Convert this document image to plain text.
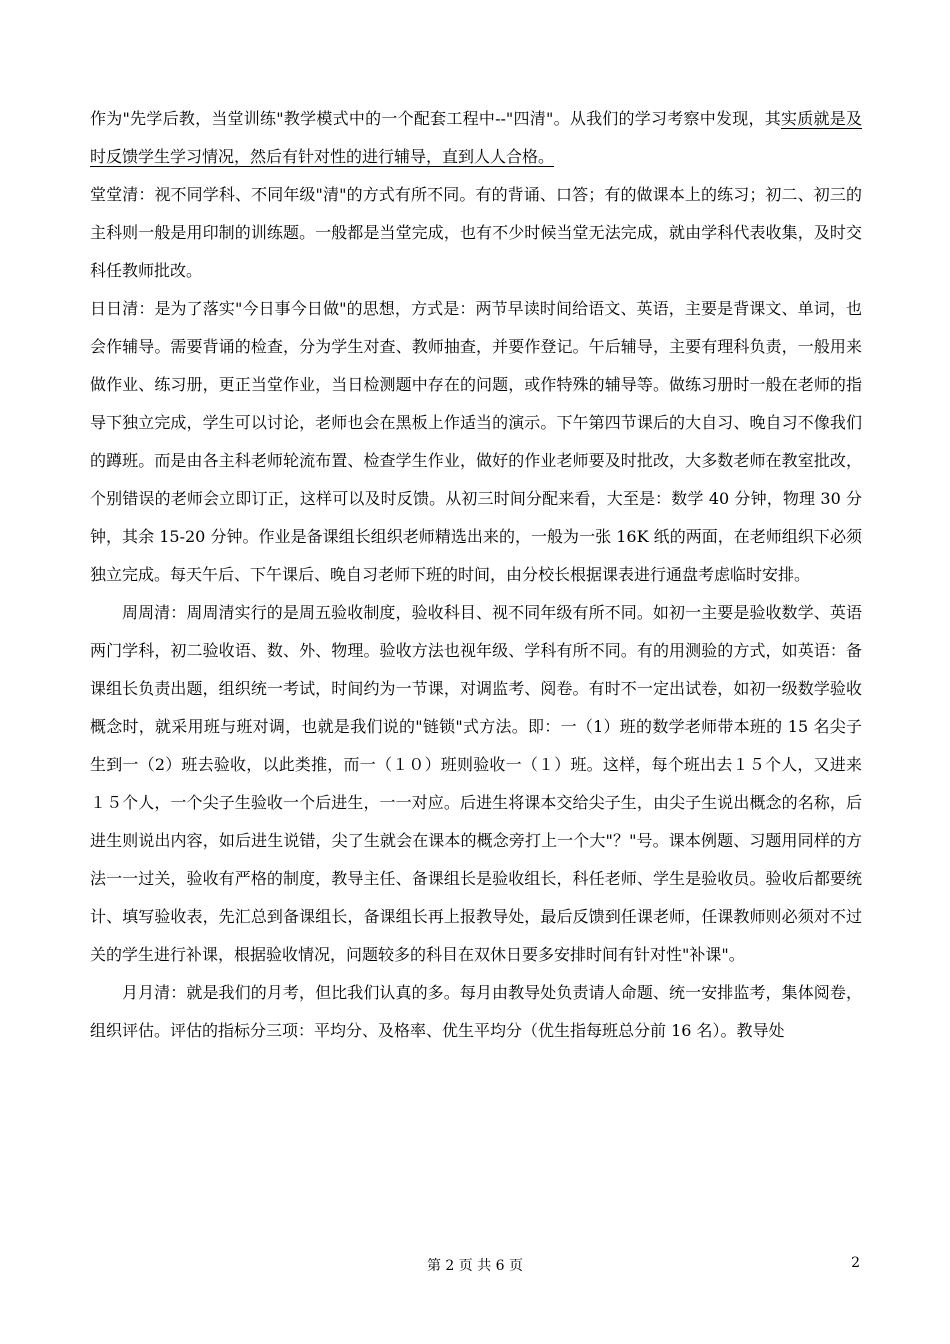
作为"先学后教，当堂训练"教学模式中的一个配套工程中--"四清"。从我们的学习考察中发现，其实质就是及时反馈学生学习情况，然后有针对性的进行辅导，直到人人合格。

堂堂清：视不同学科、不同年级"清"的方式有所不同。有的背诵、口答；有的做课本上的练习；初二、初三的主科则一般是用印制的训练题。一般都是当堂完成，也有不少时候当堂无法完成，就由学科代表收集，及时交科任教师批改。

日日清：是为了落实"今日事今日做"的思想，方式是：两节早读时间给语文、英语，主要是背课文、单词，也会作辅导。需要背诵的检查，分为学生对查、教师抽查，并要作登记。午后辅导，主要有理科负责，一般用来做作业、练习册，更正当堂作业，当日检测题中存在的问题，或作特殊的辅导等。做练习册时一般在老师的指导下独立完成，学生可以讨论，老师也会在黑板上作适当的演示。下午第四节课后的大自习、晚自习不像我们的蹲班。而是由各主科老师轮流布置、检查学生作业，做好的作业老师要及时批改，大多数老师在教室批改，个别错误的老师会立即订正，这样可以及时反馈。从初三时间分配来看，大至是：数学 40 分钟，物理 30 分钟，其余 15-20 分钟。作业是备课组长组织老师精选出来的，一般为一张 16K 纸的两面，在老师组织下必须独立完成。每天午后、下午课后、晚自习老师下班的时间，由分校长根据课表进行通盘考虑临时安排。

周周清：周周清实行的是周五验收制度，验收科目、视不同年级有所不同。如初一主要是验收数学、英语两门学科，初二验收语、数、外、物理。验收方法也视年级、学科有所不同。有的用测验的方式，如英语：备课组长负责出题，组织统一考试，时间约为一节课，对调监考、阅卷。有时不一定出试卷，如初一级数学验收概念时，就采用班与班对调，也就是我们说的"链锁"式方法。即：一（1）班的数学老师带本班的 15 名尖子生到一（2）班去验收，以此类推，而一（１０）班则验收一（１）班。这样，每个班出去１５个人，又进来１５个人，一个尖子生验收一个后进生，一一对应。后进生将课本交给尖子生，由尖子生说出概念的名称，后进生则说出内容，如后进生说错，尖了生就会在课本的概念旁打上一个大"？"号。课本例题、习题用同样的方法一一过关，验收有严格的制度，教导主任、备课组长是验收组长，科任老师、学生是验收员。验收后都要统计、填写验收表，先汇总到备课组长，备课组长再上报教导处，最后反馈到任课老师，任课教师则必须对不过关的学生进行补课，根据验收情况，问题较多的科目在双休日要多安排时间有针对性"补课"。

月月清：就是我们的月考，但比我们认真的多。每月由教导处负责请人命题、统一安排监考，集体阅卷，组织评估。评估的指标分三项：平均分、及格率、优生平均分（优生指每班总分前 16 名）。教导处

第 2 页 共 6 页	2
